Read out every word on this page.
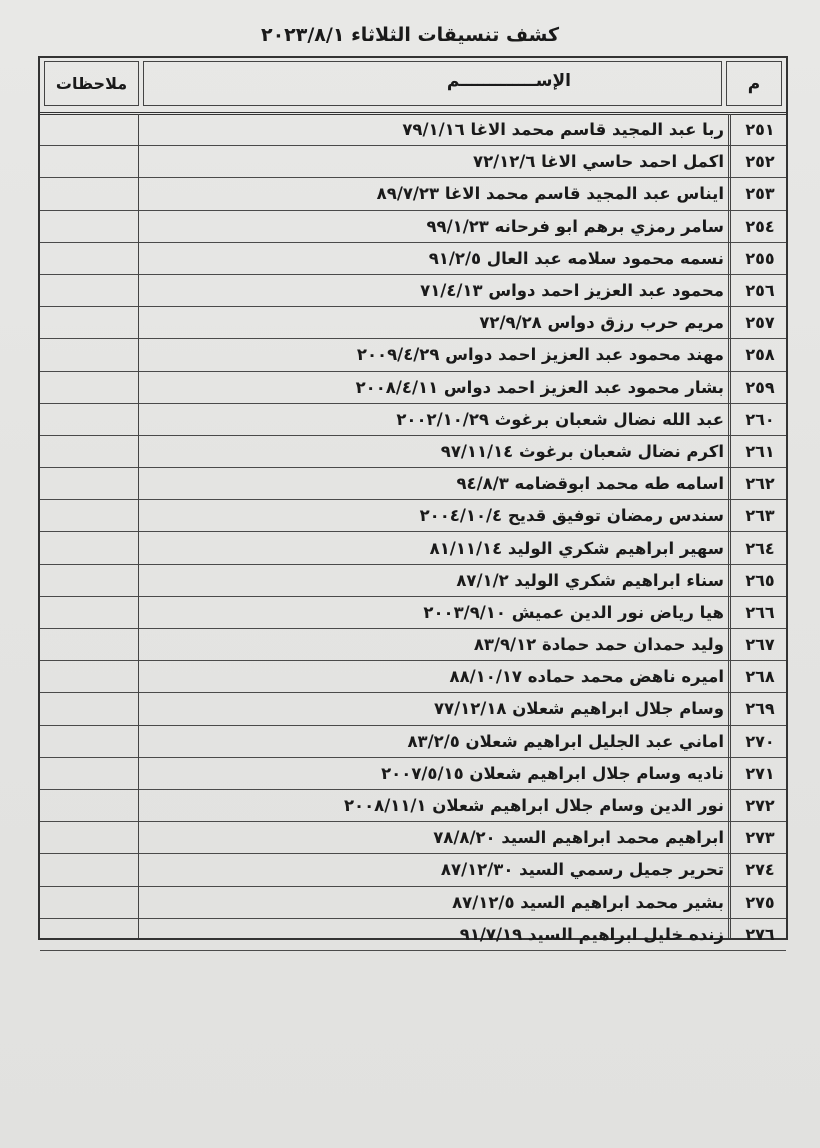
كشف تنسيقات الثلاثاء ٢٠٢٣/٨/١
م
الإســـــــــــــم
ملاحظات
٢٥١
ربا عبد المجيد قاسم محمد الاغا ٧٩/١/١٦
٢٥٢
اكمل احمد حاسي الاغا ٧٢/١٢/٦
٢٥٣
ايناس عبد المجيد قاسم محمد الاغا ٨٩/٧/٢٣
٢٥٤
سامر رمزي برهم ابو فرحانه ٩٩/١/٢٣
٢٥٥
نسمه محمود سلامه عبد العال ٩١/٢/٥
٢٥٦
محمود عبد العزيز احمد دواس ٧١/٤/١٣
٢٥٧
مريم حرب رزق دواس ٧٢/٩/٢٨
٢٥٨
مهند محمود عبد العزيز احمد دواس ٢٠٠٩/٤/٢٩
٢٥٩
بشار محمود عبد العزيز احمد دواس ٢٠٠٨/٤/١١
٢٦٠
عبد الله نضال شعبان برغوث ٢٠٠٢/١٠/٢٩
٢٦١
اكرم نضال شعبان برغوث ٩٧/١١/١٤
٢٦٢
اسامه طه محمد ابوقضامه ٩٤/٨/٣
٢٦٣
سندس رمضان توفيق قديح ٢٠٠٤/١٠/٤
٢٦٤
سهير ابراهيم شكري الوليد ٨١/١١/١٤
٢٦٥
سناء ابراهيم شكري الوليد ٨٧/١/٢
٢٦٦
هيا رياض نور الدين عميش ٢٠٠٣/٩/١٠
٢٦٧
وليد حمدان حمد حمادة ٨٣/٩/١٢
٢٦٨
اميره ناهض محمد حماده ٨٨/١٠/١٧
٢٦٩
وسام جلال ابراهيم شعلان ٧٧/١٢/١٨
٢٧٠
اماني عبد الجليل ابراهيم شعلان ٨٣/٢/٥
٢٧١
ناديه وسام جلال ابراهيم شعلان ٢٠٠٧/٥/١٥
٢٧٢
نور الدين وسام جلال ابراهيم شعلان ٢٠٠٨/١١/١
٢٧٣
ابراهيم محمد ابراهيم السيد ٧٨/٨/٢٠
٢٧٤
تحرير جميل رسمي السيد ٨٧/١٢/٣٠
٢٧٥
بشير محمد ابراهيم السيد ٨٧/١٢/٥
٢٧٦
زنده خليل ابراهيم السيد ٩١/٧/١٩
